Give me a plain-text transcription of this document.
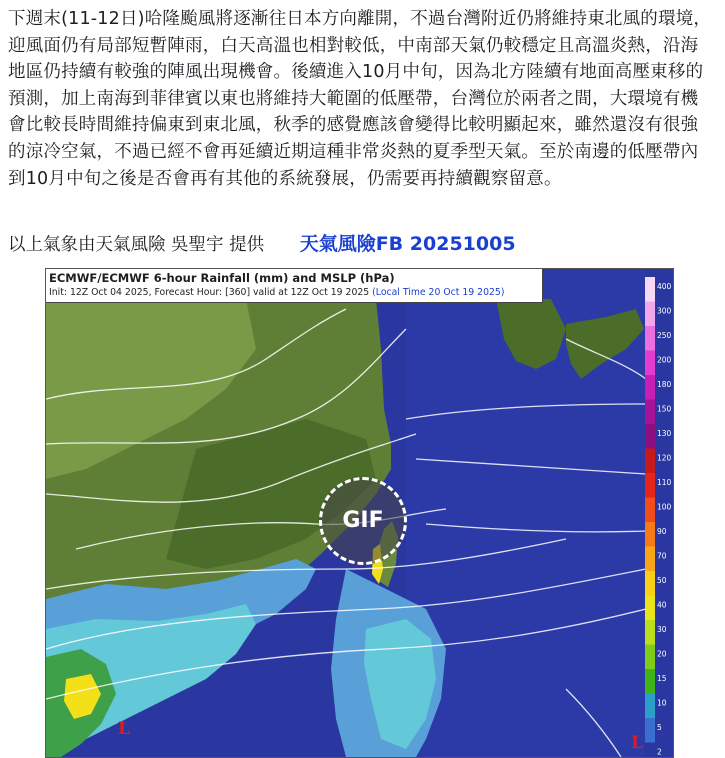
下週末(11-12日)哈隆颱風將逐漸往日本方向離開，不過台灣附近仍將維持東北風的環境，迎風面仍有局部短暫陣雨，白天高溫也相對較低，中南部天氣仍較穩定且高溫炎熱，沿海地區仍持續有較強的陣風出現機會。後續進入10月中旬，因為北方陸續有地面高壓東移的預測，加上南海到菲律賓以東也將維持大範圍的低壓帶，台灣位於兩者之間，大環境有機會比較長時間維持偏東到東北風，秋季的感覺應該會變得比較明顯起來，雖然還沒有很強的涼冷空氣，不過已經不會再延續近期這種非常炎熱的夏季型天氣。至於南邊的低壓帶內到10月中旬之後是否會再有其他的系統發展，仍需要再持續觀察留意。
以上氣象由天氣風險 吳聖宇 提供 天氣風險FB 20251005
400
300
250
200
180
150
130
120
110
100
90
70
50
40
30
20
15
10
5
2
ECMWF/ECMWF 6-hour Rainfall (mm) and MSLP (hPa)
Init: 12Z Oct 04 2025, Forecast Hour: [360] valid at 12Z Oct 19 2025 (Local Time 20 Oct 19 2025)
GIF
L
L
